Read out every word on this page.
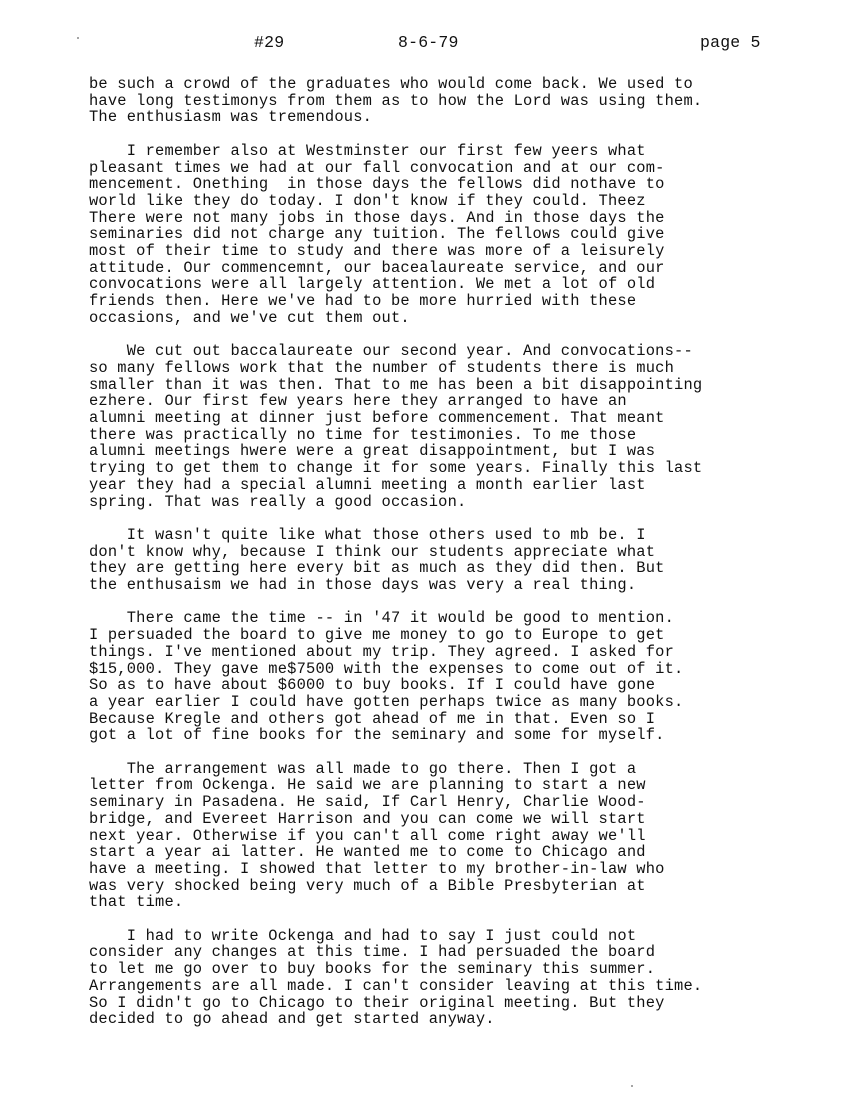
#29	8-6-79	page 5
be such a crowd of the graduates who would come back. We used to
have long testimonys from them as to how the Lord was using them.
The enthusiasm was tremendous.
I remember also at Westminster our first few yeers what
pleasant times we had at our fall convocation and at our com-
mencement. Onething  in those days the fellows did nothave to
world like they do today. I don't know if they could. Theez
There were not many jobs in those days. And in those days the
seminaries did not charge any tuition. The fellows could give
most of their time to study and there was more of a leisurely
attitude. Our commencemnt, our bacealaureate service, and our
convocations were all largely attention. We met a lot of old
friends then. Here we've had to be more hurried with these
occasions, and we've cut them out.
We cut out baccalaureate our second year. And convocations--
so many fellows work that the number of students there is much
smaller than it was then. That to me has been a bit disappointing
ezhere. Our first few years here they arranged to have an
alumni meeting at dinner just before commencement. That meant
there was practically no time for testimonies. To me those
alumni meetings hwere were a great disappointment, but I was
trying to get them to change it for some years. Finally this last
year they had a special alumni meeting a month earlier last
spring. That was really a good occasion.
It wasn't quite like what those others used to mb be. I
don't know why, because I think our students appreciate what
they are getting here every bit as much as they did then. But
the enthusaism we had in those days was very a real thing.
There came the time -- in '47 it would be good to mention.
I persuaded the board to give me money to go to Europe to get
things. I've mentioned about my trip. They agreed. I asked for
$15,000. They gave me$7500 with the expenses to come out of it.
So as to have about $6000 to buy books. If I could have gone
a year earlier I could have gotten perhaps twice as many books.
Because Kregle and others got ahead of me in that. Even so I
got a lot of fine books for the seminary and some for myself.
The arrangement was all made to go there. Then I got a
letter from Ockenga. He said we are planning to start a new
seminary in Pasadena. He said, If Carl Henry, Charlie Wood-
bridge, and Evereet Harrison and you can come we will start
next year. Otherwise if you can't all come right away we'll
start a year ai latter. He wanted me to come to Chicago and
have a meeting. I showed that letter to my brother-in-law who
was very shocked being very much of a Bible Presbyterian at
that time.
I had to write Ockenga and had to say I just could not
consider any changes at this time. I had persuaded the board
to let me go over to buy books for the seminary this summer.
Arrangements are all made. I can't consider leaving at this time.
So I didn't go to Chicago to their original meeting. But they
decided to go ahead and get started anyway.
